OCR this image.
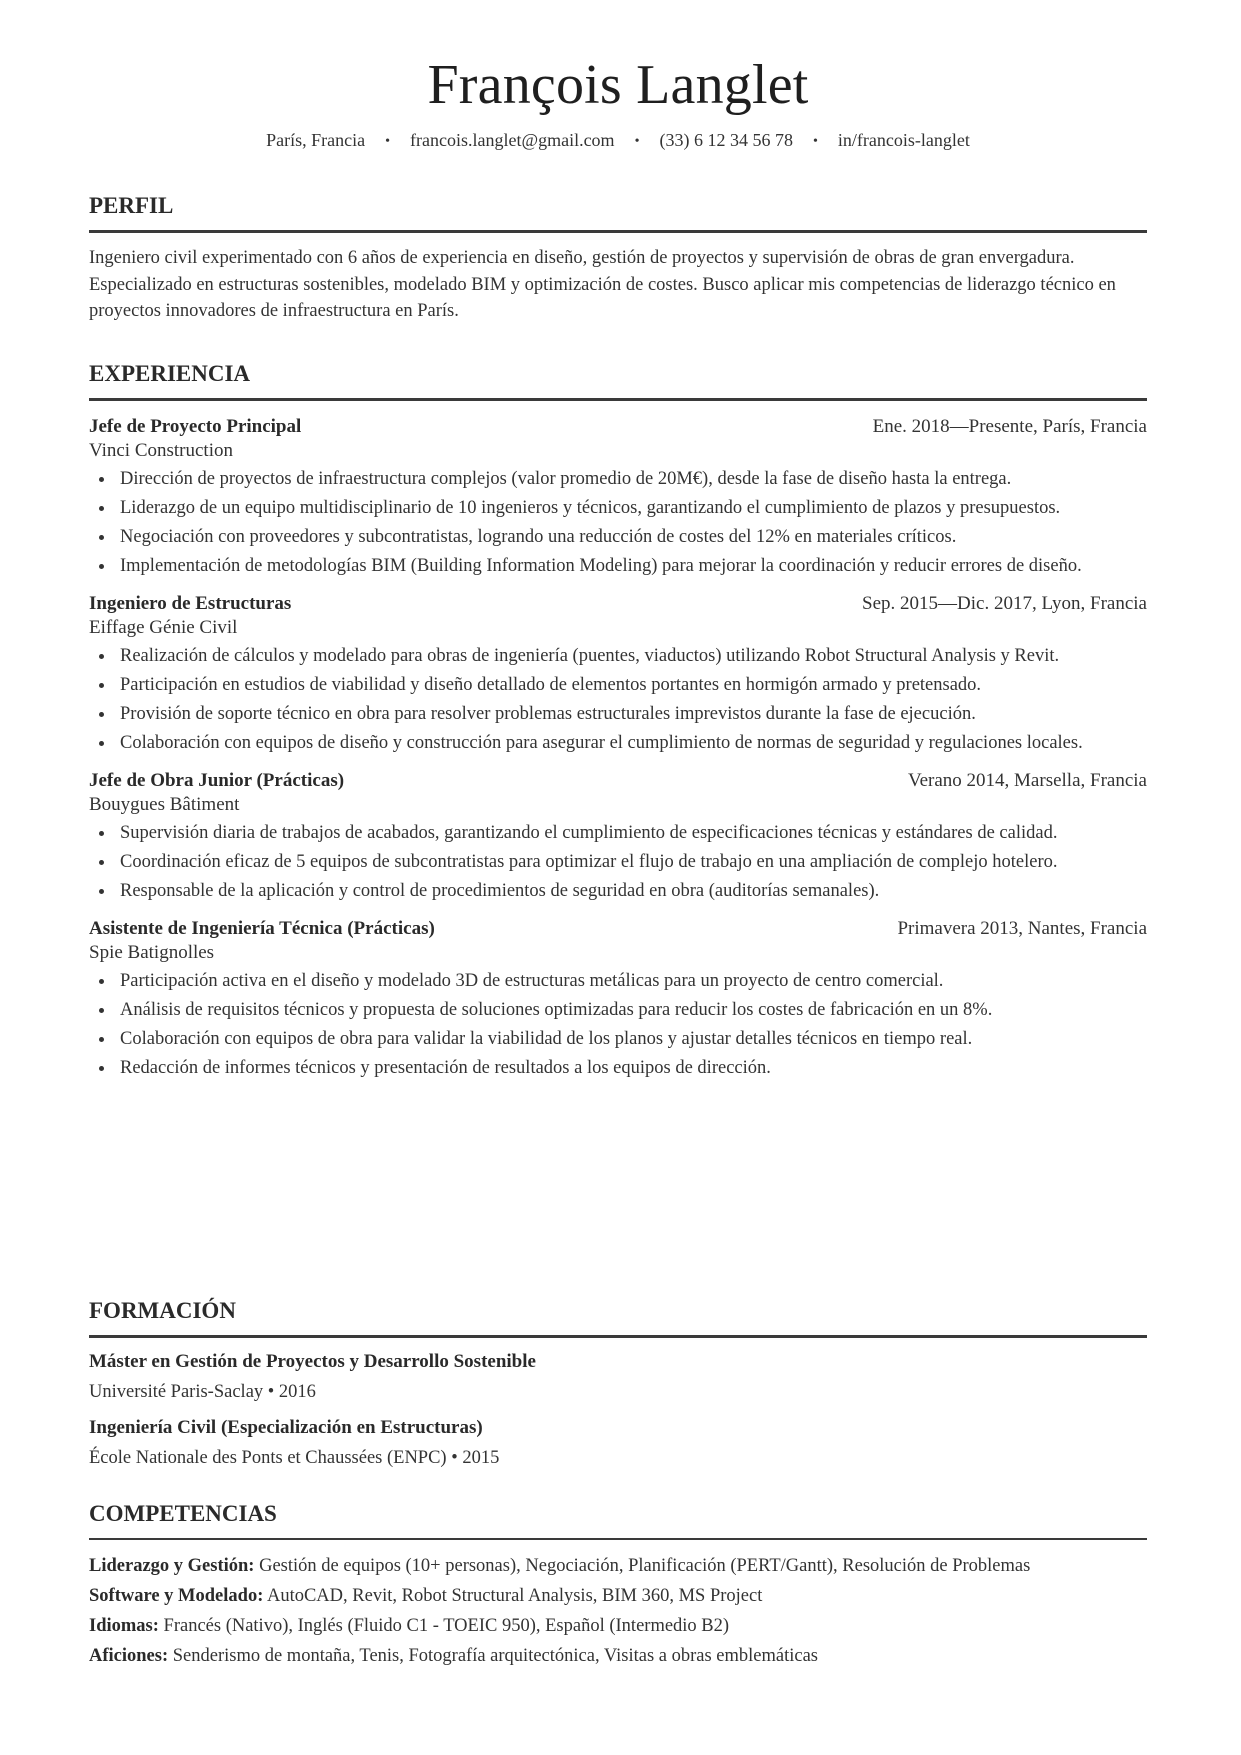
François Langlet
París, Francia • francois.langlet@gmail.com • (33) 6 12 34 56 78 • in/francois-langlet
PERFIL

Ingeniero civil experimentado con 6 años de experiencia en diseño, gestión de proyectos y supervisión de obras de gran envergadura. Especializado en estructuras sostenibles, modelado BIM y optimización de costes. Busco aplicar mis competencias de liderazgo técnico en proyectos innovadores de infraestructura en París.

EXPERIENCIA
Jefe de Proyecto Principal	Ene. 2018—Presente, París, Francia
Vinci Construction
Dirección de proyectos de infraestructura complejos (valor promedio de 20M€), desde la fase de diseño hasta la entrega.
Liderazgo de un equipo multidisciplinario de 10 ingenieros y técnicos, garantizando el cumplimiento de plazos y presupuestos.
Negociación con proveedores y subcontratistas, logrando una reducción de costes del 12% en materiales críticos.
Implementación de metodologías BIM (Building Information Modeling) para mejorar la coordinación y reducir errores de diseño.
Ingeniero de Estructuras	Sep. 2015—Dic. 2017, Lyon, Francia
Eiffage Génie Civil
Realización de cálculos y modelado para obras de ingeniería (puentes, viaductos) utilizando Robot Structural Analysis y Revit.
Participación en estudios de viabilidad y diseño detallado de elementos portantes en hormigón armado y pretensado.
Provisión de soporte técnico en obra para resolver problemas estructurales imprevistos durante la fase de ejecución.
Colaboración con equipos de diseño y construcción para asegurar el cumplimiento de normas de seguridad y regulaciones locales.
Jefe de Obra Junior (Prácticas)	Verano 2014, Marsella, Francia
Bouygues Bâtiment
Supervisión diaria de trabajos de acabados, garantizando el cumplimiento de especificaciones técnicas y estándares de calidad.
Coordinación eficaz de 5 equipos de subcontratistas para optimizar el flujo de trabajo en una ampliación de complejo hotelero.
Responsable de la aplicación y control de procedimientos de seguridad en obra (auditorías semanales).
Asistente de Ingeniería Técnica (Prácticas)	Primavera 2013, Nantes, Francia
Spie Batignolles
Participación activa en el diseño y modelado 3D de estructuras metálicas para un proyecto de centro comercial.
Análisis de requisitos técnicos y propuesta de soluciones optimizadas para reducir los costes de fabricación en un 8%.
Colaboración con equipos de obra para validar la viabilidad de los planos y ajustar detalles técnicos en tiempo real.
Redacción de informes técnicos y presentación de resultados a los equipos de dirección.
FORMACIÓN
Máster en Gestión de Proyectos y Desarrollo Sostenible
Université Paris-Saclay • 2016
Ingeniería Civil (Especialización en Estructuras)
École Nationale des Ponts et Chaussées (ENPC) • 2015
COMPETENCIAS
Liderazgo y Gestión: Gestión de equipos (10+ personas), Negociación, Planificación (PERT/Gantt), Resolución de Problemas
Software y Modelado: AutoCAD, Revit, Robot Structural Analysis, BIM 360, MS Project
Idiomas: Francés (Nativo), Inglés (Fluido C1 - TOEIC 950), Español (Intermedio B2)
Aficiones: Senderismo de montaña, Tenis, Fotografía arquitectónica, Visitas a obras emblemáticas
